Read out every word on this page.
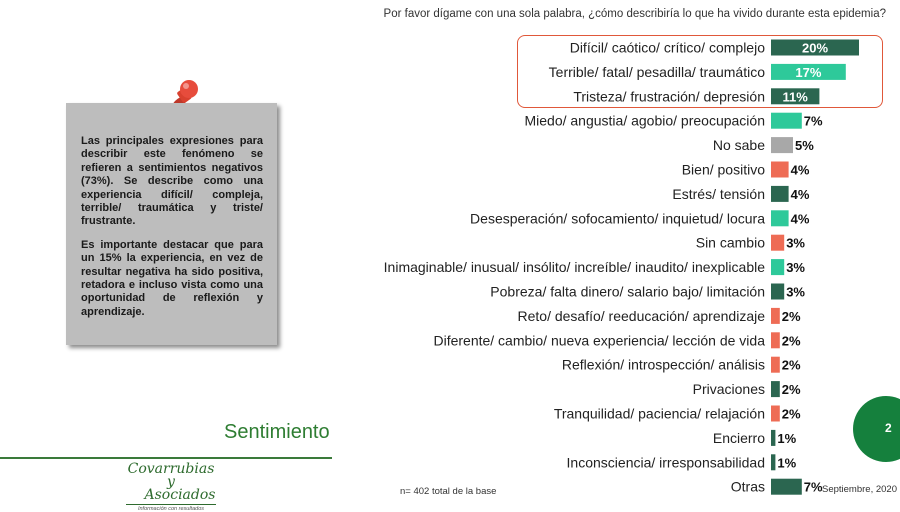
Por favor dígame con una sola palabra, ¿cómo describiría lo que ha vivido durante esta epidemia?
Difícil/ caótico/ crítico/ complejo	20%
Terrible/ fatal/ pesadilla/ traumático 17%
Tristeza/ frustración/ depresión 11%
Miedo/ angustia/ agobio/ preocupación	7%
No sabe 5%
Bien/ positivo 4%
Estrés/ tensión 4%
Desesperación/ sofocamiento/ inquietud/ locura 4%
Sin cambio 3%
Inimaginable/ inusual/ insólito/ increíble/ inaudito/ inexplicable 3%
Pobreza/ falta dinero/ salario bajo/ limitación 3%
Reto/ desafío/ reeducación/ aprendizaje 2%
Diferente/ cambio/ nueva experiencia/ lección de vida 2%
Reflexión/ introspección/ análisis 2%
Privaciones 2%
Tranquilidad/ paciencia/ relajación 2%
Encierro 1%
Inconsciencia/ irresponsabilidad 1%
Otras	7%

Las principales expresiones para describir este fenómeno se refieren a sentimientos negativos (73%). Se describe como una experiencia difícil/ compleja, terrible/ traumática y triste/ frustrante.

Es importante destacar que para un 15% la experiencia, en vez de resultar negativa ha sido positiva, retadora e incluso vista como una oportunidad de reflexión y aprendizaje.

Sentimiento
Covarrubias y
Asociados
Información con resultados
n= 402 total de la base	Septiembre, 2020
2
